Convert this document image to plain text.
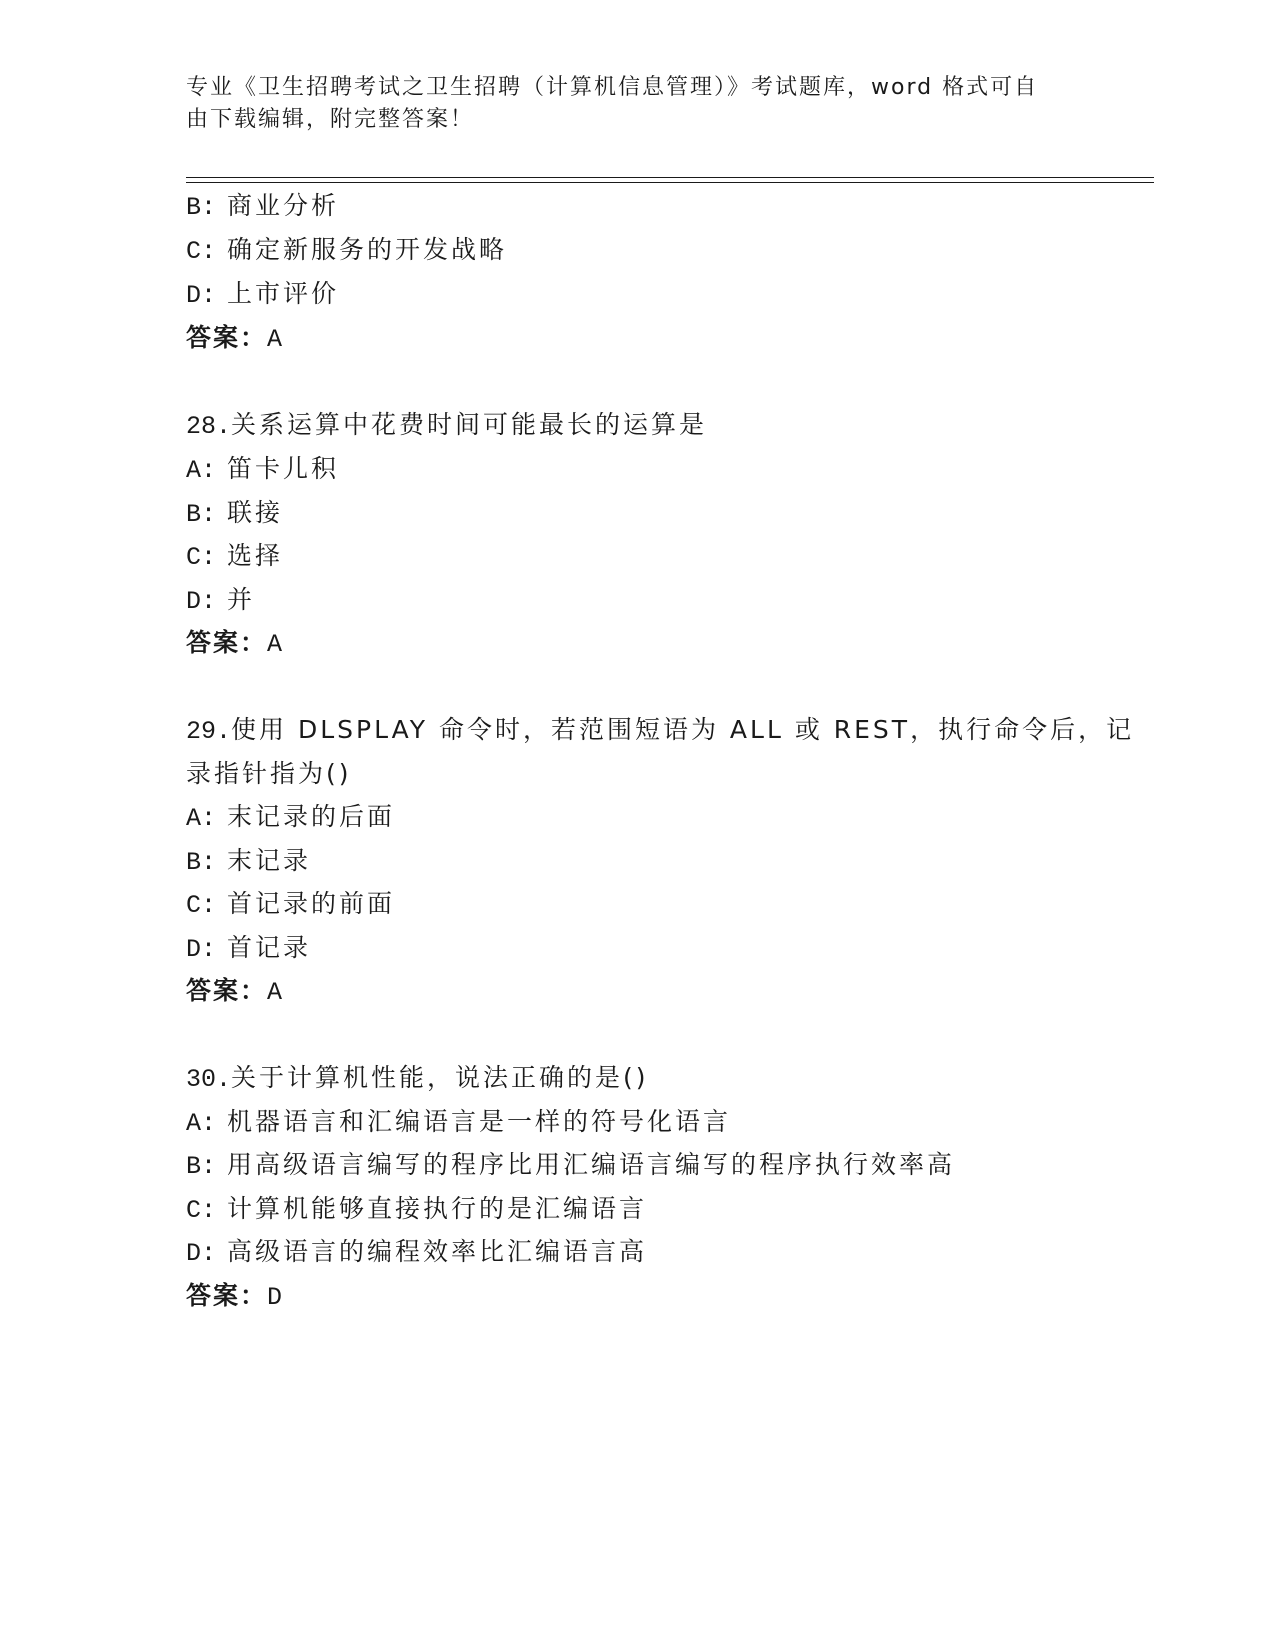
专业《卫生招聘考试之卫生招聘（计算机信息管理）》考试题库，word 格式可自
由下载编辑，附完整答案！
B: 商业分析
C: 确定新服务的开发战略
D: 上市评价
答案：A
28.关系运算中花费时间可能最长的运算是
A: 笛卡儿积
B: 联接
C: 选择
D: 并
答案：A
29.使用 DLSPLAY 命令时，若范围短语为 ALL 或 REST，执行命令后，记
录指针指为()
A: 末记录的后面
B: 末记录
C: 首记录的前面
D: 首记录
答案：A
30.关于计算机性能，说法正确的是()
A: 机器语言和汇编语言是一样的符号化语言
B: 用高级语言编写的程序比用汇编语言编写的程序执行效率高
C: 计算机能够直接执行的是汇编语言
D: 高级语言的编程效率比汇编语言高
答案：D
